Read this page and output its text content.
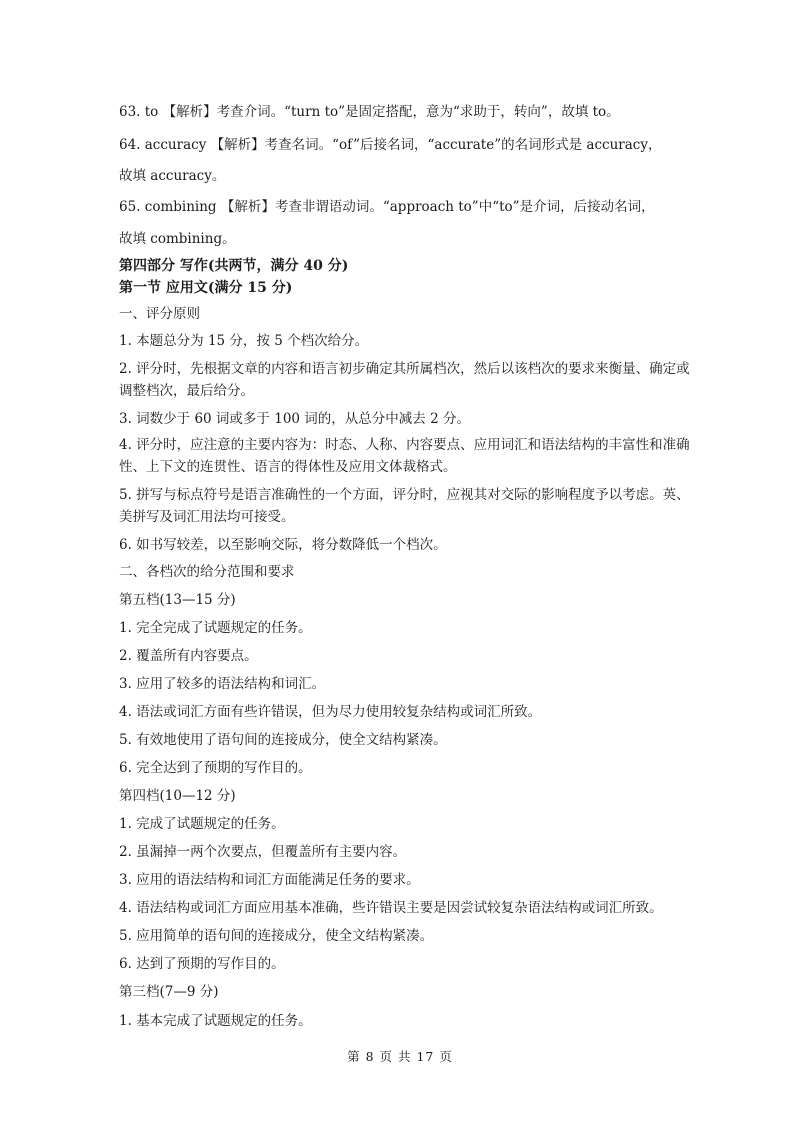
63. to 【解析】考查介词。“turn to”是固定搭配，意为“求助于，转向”，故填 to。
64. accuracy 【解析】考查名词。“of”后接名词，“accurate”的名词形式是 accuracy，
故填 accuracy。
65. combining 【解析】考查非谓语动词。“approach to”中“to”是介词，后接动名词，
故填 combining。
第四部分 写作(共两节，满分 40 分)
第一节 应用文(满分 15 分)
一、评分原则
1. 本题总分为 15 分，按 5 个档次给分。
2. 评分时，先根据文章的内容和语言初步确定其所属档次，然后以该档次的要求来衡量、确定或调整档次，最后给分。
3. 词数少于 60 词或多于 100 词的，从总分中减去 2 分。
4. 评分时，应注意的主要内容为：时态、人称、内容要点、应用词汇和语法结构的丰富性和准确性、上下文的连贯性、语言的得体性及应用文体裁格式。
5. 拼写与标点符号是语言准确性的一个方面，评分时，应视其对交际的影响程度予以考虑。英、美拼写及词汇用法均可接受。
6. 如书写较差，以至影响交际，将分数降低一个档次。
二、各档次的给分范围和要求
第五档(13—15 分)
1. 完全完成了试题规定的任务。
2. 覆盖所有内容要点。
3. 应用了较多的语法结构和词汇。
4. 语法或词汇方面有些许错误，但为尽力使用较复杂结构或词汇所致。
5. 有效地使用了语句间的连接成分，使全文结构紧凑。
6. 完全达到了预期的写作目的。
第四档(10—12 分)
1. 完成了试题规定的任务。
2. 虽漏掉一两个次要点，但覆盖所有主要内容。
3. 应用的语法结构和词汇方面能满足任务的要求。
4. 语法结构或词汇方面应用基本准确，些许错误主要是因尝试较复杂语法结构或词汇所致。
5. 应用简单的语句间的连接成分，使全文结构紧凑。
6. 达到了预期的写作目的。
第三档(7—9 分)
1. 基本完成了试题规定的任务。
第 8 页 共 17 页
